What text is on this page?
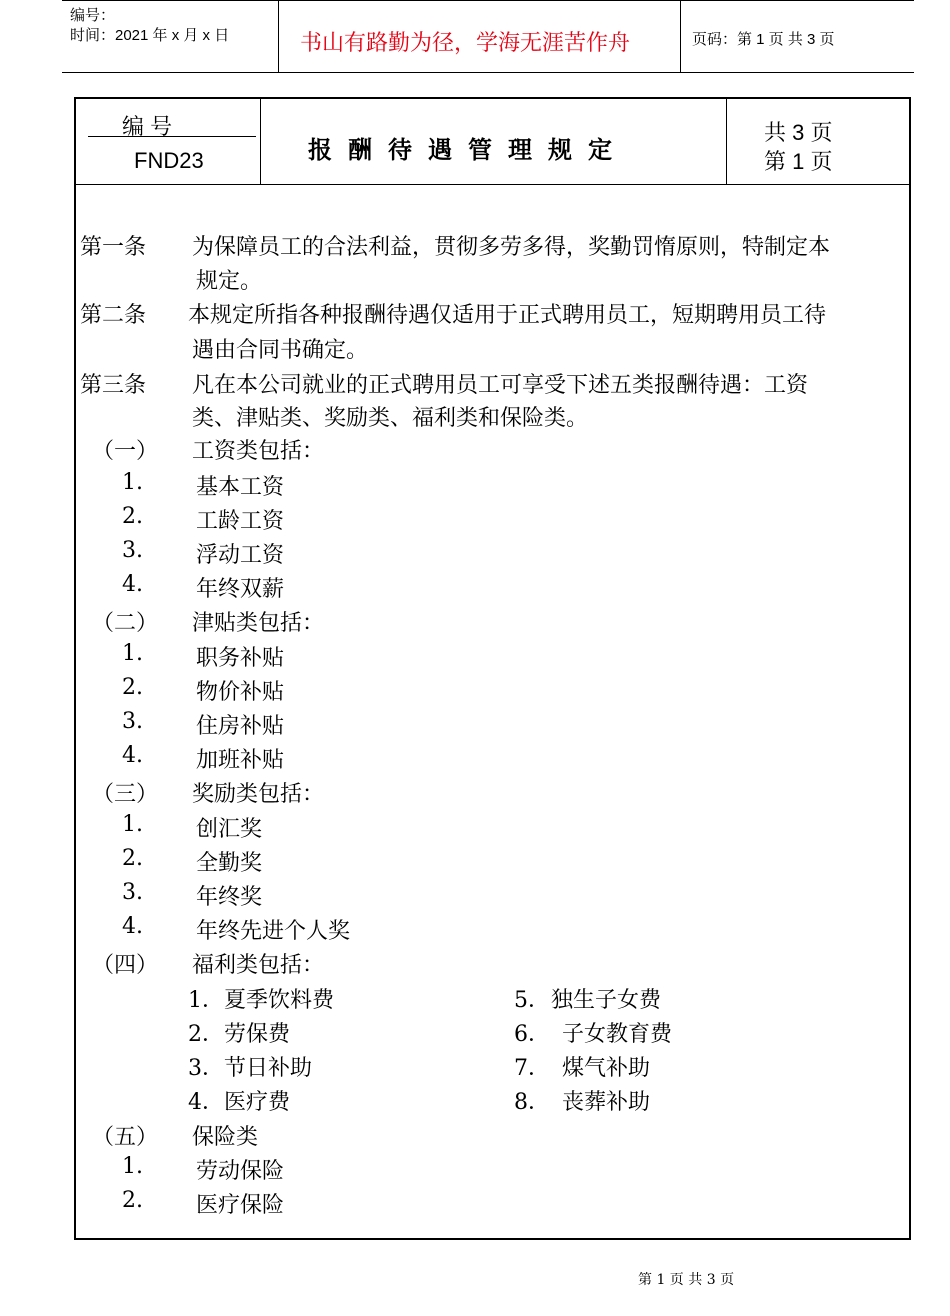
编号：
时间：2021 年 x 月 x 日	书山有路勤为径，学海无涯苦作舟	页码：第 1 页 共 3 页
编 号
FND23	报酬待遇管理规定
共 3 页
第 1 页
第一条 为保障员工的合法利益，贯彻多劳多得，奖勤罚惰原则，特制定本
规定。
第二条 本规定所指各种报酬待遇仅适用于正式聘用员工，短期聘用员工待
遇由合同书确定。
第三条 凡在本公司就业的正式聘用员工可享受下述五类报酬待遇：工资
类、津贴类、奖励类、福利类和保险类。
（一） 工资类包括：
1. 基本工资
2. 工龄工资
3. 浮动工资
4. 年终双薪
（二） 津贴类包括：
1. 职务补贴
2. 物价补贴
3. 住房补贴
4. 加班补贴
（三） 奖励类包括：
1. 创汇奖
2. 全勤奖
3. 年终奖
4. 年终先进个人奖
（四） 福利类包括：
1．夏季饮料费
2．劳保费
3．节日补助
4．医疗费
5． 独生子女费
6． 子女教育费
7． 煤气补助
8． 丧葬补助
（五） 保险类
1. 劳动保险
2. 医疗保险
第 1 页 共 3 页
